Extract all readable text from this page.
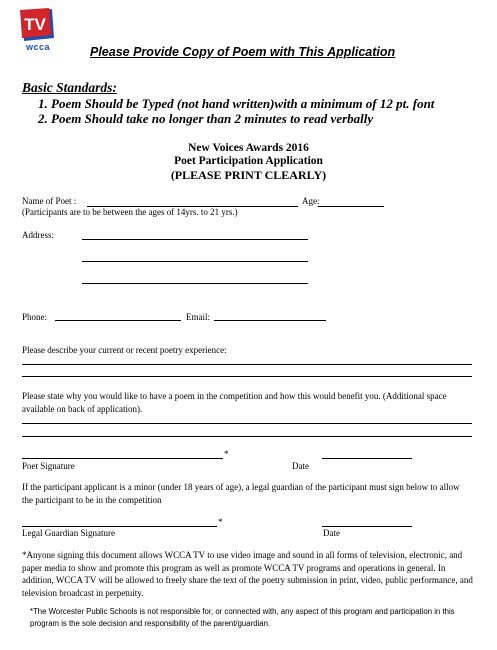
TV
wcca	Please Provide Copy of Poem with This Application
Basic Standards:
1. Poem Should be Typed (not hand written)with a minimum of 12 pt. font
2. Poem Should take no longer than 2 minutes to read verbally
New Voices Awards 2016
Poet Participation Application
(PLEASE PRINT CLEARLY)
Name of Poet :	Age:
(Participants are to be between the ages of 14yrs. to 21 yrs.)
Address:
Phone:	Email:
Please describe your current or recent poetry experience:
Please state why you would like to have a poem in the competition and how this would benefit you. (Additional space available on back of application).
*
Poet Signature	Date
If the participant applicant is a minor (under 18 years of age), a legal guardian of the participant must sign below to allow the participant to be in the competition
*
Legal Guardian Signature	Date
*Anyone signing this document allows WCCA TV to use video image and sound in all forms of television, electronic, and paper media to show and promote this program as well as promote WCCA TV programs and operations in general. In addition, WCCA TV will be allowed to freely share the text of the poetry submission in print, video, public performance, and television broadcast in perpetuity.
*The Worcester Public Schools is not responsible for, or connected with, any aspect of this program and participation in this program is the sole decision and responsibility of the parent/guardian.
